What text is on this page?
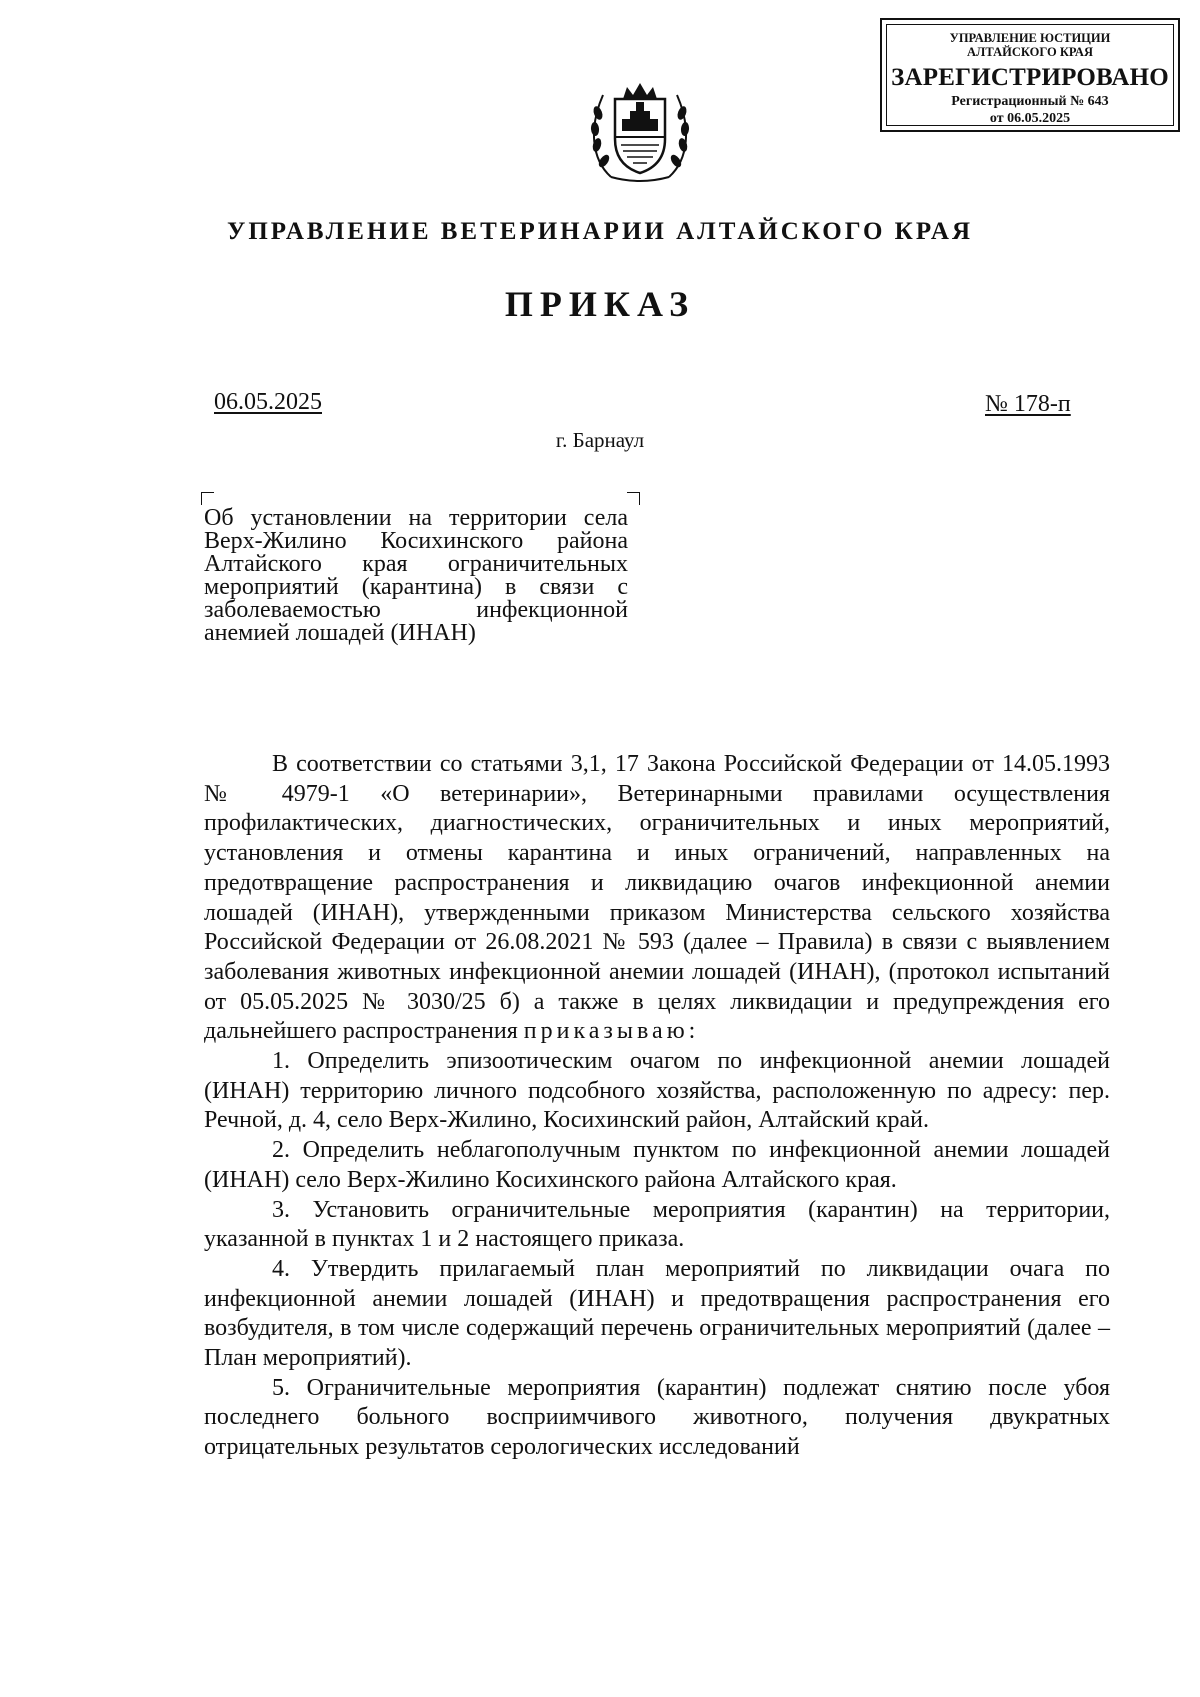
УПРАВЛЕНИЕ ЮСТИЦИИ
АЛТАЙСКОГО КРАЯ
ЗАРЕГИСТРИРОВАНО
Регистрационный № 643
от 06.05.2025
УПРАВЛЕНИЕ ВЕТЕРИНАРИИ АЛТАЙСКОГО КРАЯ
ПРИКАЗ
06.05.2025	№ 178-п
г. Барнаул
Об установлении на территории села Верх-Жилино Косихинского района Алтайского края ограничительных мероприятий (карантина) в связи с заболеваемостью инфекционной
анемией лошадей (ИНАН)

В соответствии со статьями 3,1, 17 Закона Российской Федерации от 14.05.1993 № 4979-1 «О ветеринарии», Ветеринарными правилами осуществления профилактических, диагностических, ограничительных и иных мероприятий, установления и отмены карантина и иных ограничений, направленных на предотвращение распространения и ликвидацию очагов инфекционной анемии лошадей (ИНАН), утвержденными приказом Министерства сельского хозяйства Российской Федерации от 26.08.2021 № 593 (далее – Правила) в связи с выявлением заболевания животных инфекционной анемии лошадей (ИНАН), (протокол испытаний от 05.05.2025 № 3030/25 б) а также в целях ликвидации и предупреждения его дальнейшего распространения приказываю:

1. Определить эпизоотическим очагом по инфекционной анемии лошадей (ИНАН) территорию личного подсобного хозяйства, расположенную по адресу: пер. Речной, д. 4, село Верх-Жилино, Косихинский район, Алтайский край.

2. Определить неблагополучным пунктом по инфекционной анемии лошадей (ИНАН) село Верх-Жилино Косихинского района Алтайского края.

3. Установить ограничительные мероприятия (карантин) на территории, указанной в пунктах 1 и 2 настоящего приказа.

4. Утвердить прилагаемый план мероприятий по ликвидации очага по инфекционной анемии лошадей (ИНАН) и предотвращения распространения его возбудителя, в том числе содержащий перечень ограничительных мероприятий (далее – План мероприятий).

5. Ограничительные мероприятия (карантин) подлежат снятию после убоя последнего больного восприимчивого животного, получения двукратных отрицательных результатов серологических исследований
